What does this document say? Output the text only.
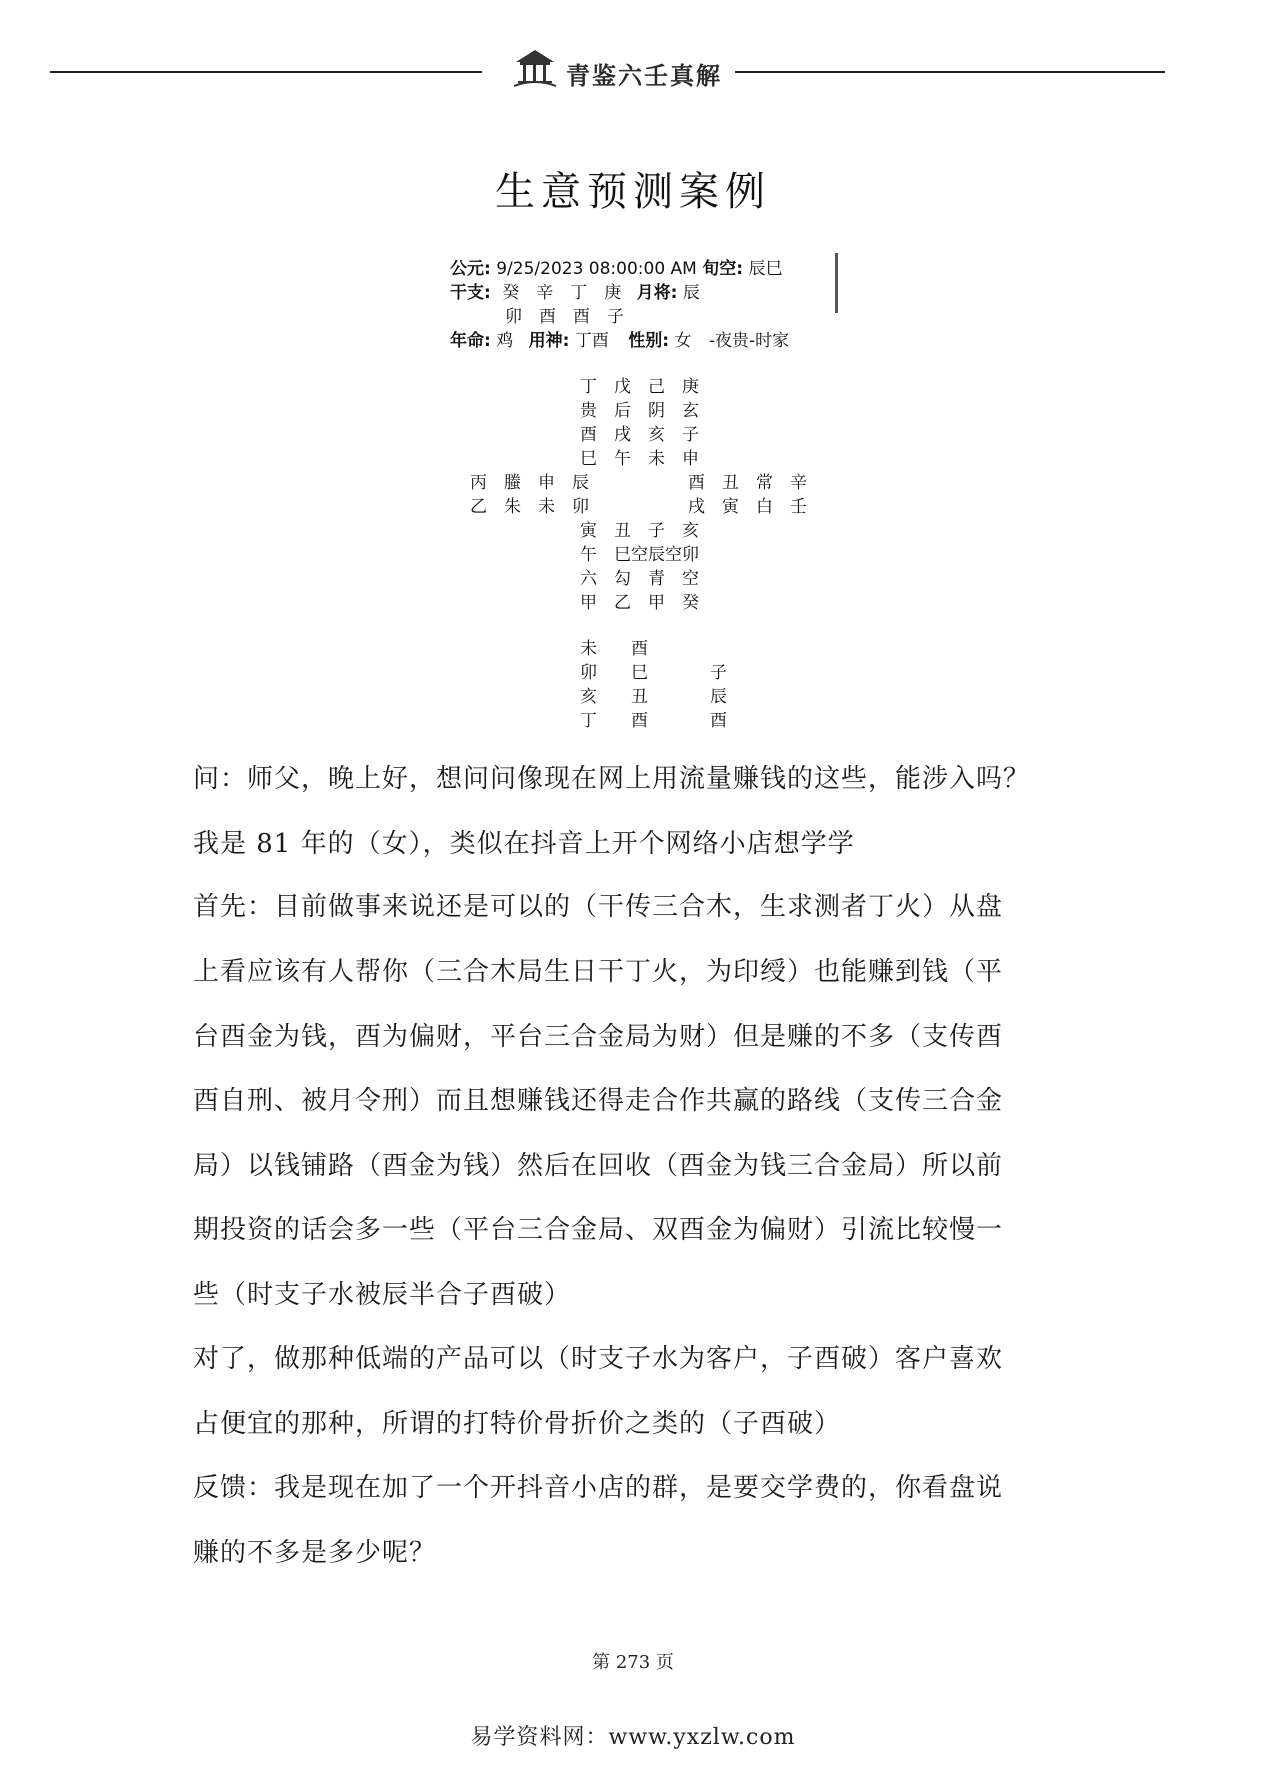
青鉴六壬真解
生意预测案例
公元: 9/25/2023 08:00:00 AM 旬空: 辰巳
干支: 癸　辛　丁　庚 月将: 辰
卯　酉　酉　子
年命: 鸡 用神: 丁酉 性别: 女 -夜贵-时家
丁　戊　己　庚
贵　后　阴　玄
酉　戌　亥　子
巳　午　未　申
丙　螣　申　辰
乙　朱　未　卯
酉　丑　常　辛
戌　寅　白　壬
寅　丑　子　亥
午　巳空辰空卯
六　勾　青　空
甲　乙　甲　癸
未　　酉
卯　　巳
亥　　丑
丁　　酉
子
辰
酉
问：师父，晚上好，想问问像现在网上用流量赚钱的这些，能涉入吗？
我是 81 年的（女），类似在抖音上开个网络小店想学学
首先：目前做事来说还是可以的（干传三合木，生求测者丁火）从盘
上看应该有人帮你（三合木局生日干丁火，为印绶）也能赚到钱（平
台酉金为钱，酉为偏财，平台三合金局为财）但是赚的不多（支传酉
酉自刑、被月令刑）而且想赚钱还得走合作共赢的路线（支传三合金
局）以钱铺路（酉金为钱）然后在回收（酉金为钱三合金局）所以前
期投资的话会多一些（平台三合金局、双酉金为偏财）引流比较慢一
些（时支子水被辰半合子酉破）
对了，做那种低端的产品可以（时支子水为客户，子酉破）客户喜欢
占便宜的那种，所谓的打特价骨折价之类的（子酉破）
反馈：我是现在加了一个开抖音小店的群，是要交学费的，你看盘说
赚的不多是多少呢？
第 273 页
易学资料网：www.yxzlw.com
